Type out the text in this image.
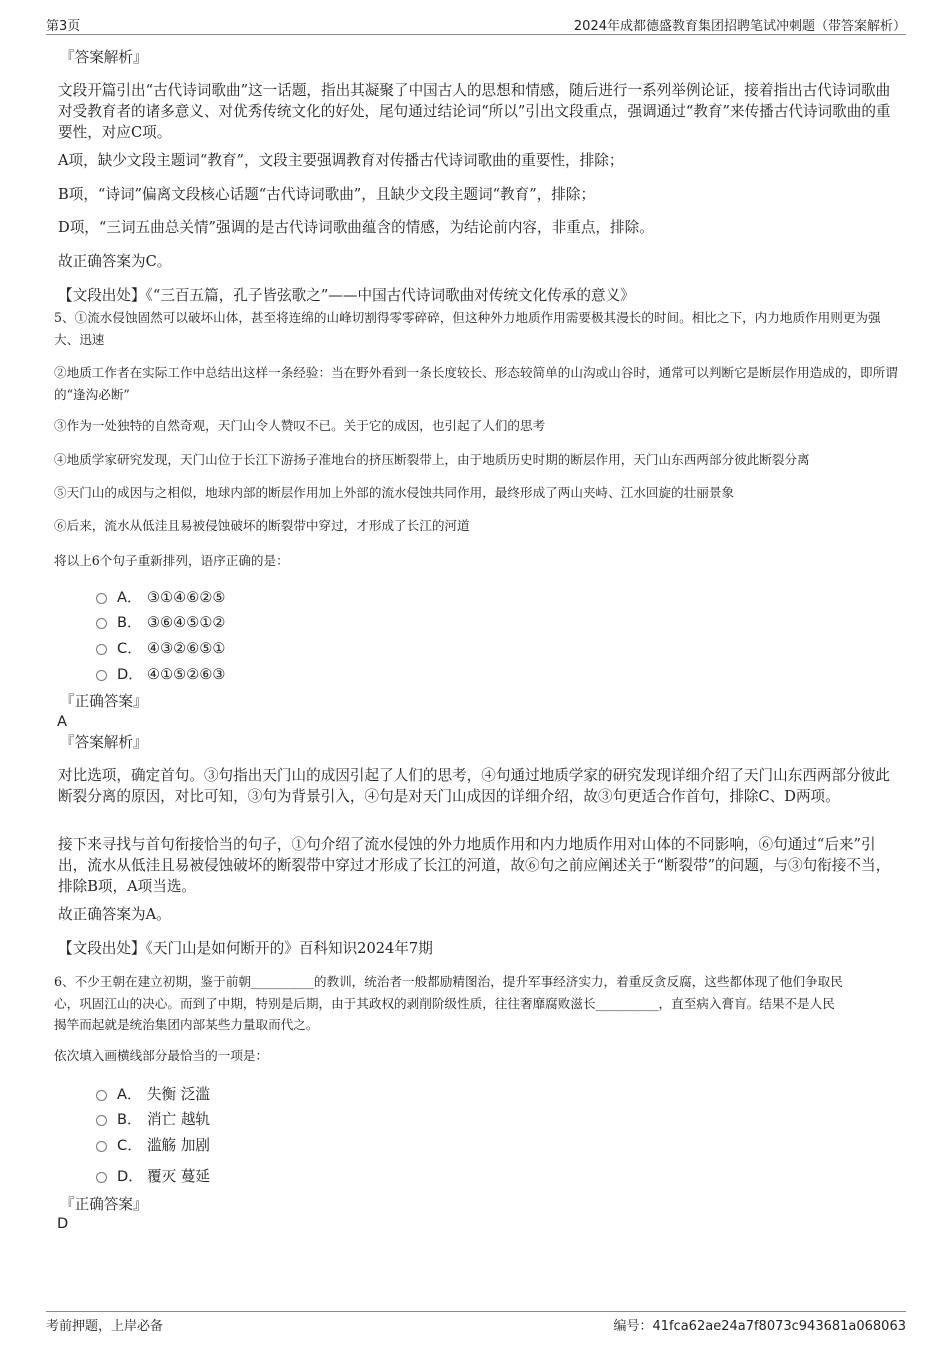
第3页	2024年成都德盛教育集团招聘笔试冲刺题（带答案解析）
『答案解析』
文段开篇引出“古代诗词歌曲”这一话题，指出其凝聚了中国古人的思想和情感，随后进行一系列举例论证，接着指出古代诗词歌曲对受教育者的诸多意义、对优秀传统文化的好处，尾句通过结论词“所以”引出文段重点，强调通过“教育”来传播古代诗词歌曲的重要性，对应C项。
A项，缺少文段主题词“教育”，文段主要强调教育对传播古代诗词歌曲的重要性，排除；
B项，“诗词”偏离文段核心话题“古代诗词歌曲”，且缺少文段主题词“教育”，排除；
D项，“三词五曲总关情”强调的是古代诗词歌曲蕴含的情感，为结论前内容，非重点，排除。
故正确答案为C。
【文段出处】《“三百五篇，孔子皆弦歌之”——中国古代诗词歌曲对传统文化传承的意义》
5、①流水侵蚀固然可以破坏山体，甚至将连绵的山峰切割得零零碎碎，但这种外力地质作用需要极其漫长的时间。相比之下，内力地质作用则更为强大、迅速
②地质工作者在实际工作中总结出这样一条经验：当在野外看到一条长度较长、形态较简单的山沟或山谷时，通常可以判断它是断层作用造成的，即所谓的“逢沟必断”
③作为一处独特的自然奇观，天门山令人赞叹不已。关于它的成因，也引起了人们的思考
④地质学家研究发现，天门山位于长江下游扬子准地台的挤压断裂带上，由于地质历史时期的断层作用，天门山东西两部分彼此断裂分离
⑤天门山的成因与之相似，地球内部的断层作用加上外部的流水侵蚀共同作用，最终形成了两山夹峙、江水回旋的壮丽景象
⑥后来，流水从低洼且易被侵蚀破坏的断裂带中穿过，才形成了长江的河道
将以上6个句子重新排列，语序正确的是：
A． ③①④⑥②⑤
B． ③⑥④⑤①②
C． ④③②⑥⑤①
D． ④①⑤②⑥③
『正确答案』
A
『答案解析』
对比选项，确定首句。③句指出天门山的成因引起了人们的思考，④句通过地质学家的研究发现详细介绍了天门山东西两部分彼此断裂分离的原因，对比可知，③句为背景引入，④句是对天门山成因的详细介绍，故③句更适合作首句，排除C、D两项。
接下来寻找与首句衔接恰当的句子，①句介绍了流水侵蚀的外力地质作用和内力地质作用对山体的不同影响，⑥句通过“后来”引出，流水从低洼且易被侵蚀破坏的断裂带中穿过才形成了长江的河道，故⑥句之前应阐述关于“断裂带”的问题，与③句衔接不当，排除B项，A项当选。
故正确答案为A。
【文段出处】《天门山是如何断开的》百科知识2024年7期
6、不少王朝在建立初期，鉴于前朝__________的教训，统治者一般都励精图治，提升军事经济实力，着重反贪反腐，这些都体现了他们争取民
心，巩固江山的决心。而到了中期，特别是后期，由于其政权的剥削阶级性质，往往奢靡腐败滋长__________，直至病入膏肓。结果不是人民
揭竿而起就是统治集团内部某些力量取而代之。
依次填入画横线部分最恰当的一项是：
A． 失衡 泛滥
B． 消亡 越轨
C． 滥觞 加剧
D． 覆灭 蔓延
『正确答案』
D
考前押题，上岸必备	编号：41fca62ae24a7f8073c943681a068063
